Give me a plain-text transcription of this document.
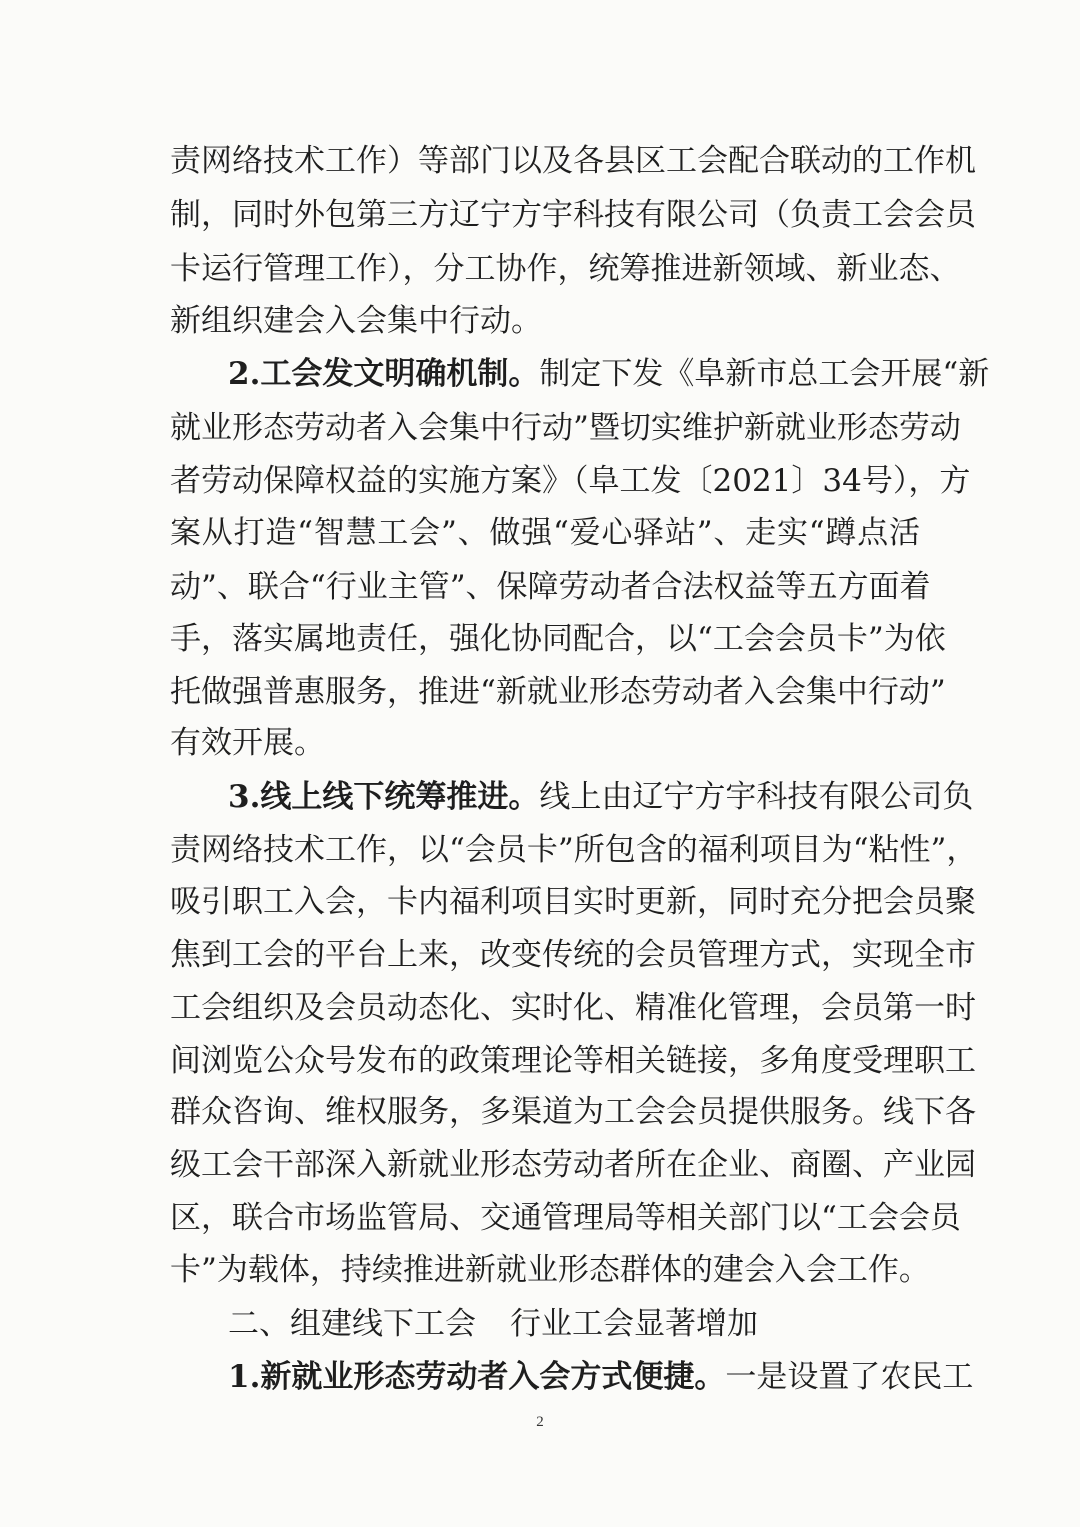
责网络技术工作）等部门以及各县区工会配合联动的工作机
制，同时外包第三方辽宁方宇科技有限公司（负责工会会员
卡运行管理工作），分工协作，统筹推进新领域、新业态、
新组织建会入会集中行动。
2.工会发文明确机制。制定下发《阜新市总工会开展“新
就业形态劳动者入会集中行动”暨切实维护新就业形态劳动
者劳动保障权益的实施方案》（阜工发〔2021〕34号），方
案从打造“智慧工会”、做强“爱心驿站”、走实“蹲点活
动”、联合“行业主管”、保障劳动者合法权益等五方面着
手，落实属地责任，强化协同配合，以“工会会员卡”为依
托做强普惠服务，推进“新就业形态劳动者入会集中行动”
有效开展。
3.线上线下统筹推进。线上由辽宁方宇科技有限公司负
责网络技术工作，以“会员卡”所包含的福利项目为“粘性”，
吸引职工入会，卡内福利项目实时更新，同时充分把会员聚
焦到工会的平台上来，改变传统的会员管理方式，实现全市
工会组织及会员动态化、实时化、精准化管理，会员第一时
间浏览公众号发布的政策理论等相关链接，多角度受理职工
群众咨询、维权服务，多渠道为工会会员提供服务。线下各
级工会干部深入新就业形态劳动者所在企业、商圈、产业园
区，联合市场监管局、交通管理局等相关部门以“工会会员
卡”为载体，持续推进新就业形态群体的建会入会工作。
二、组建线下工会 行业工会显著增加
1.新就业形态劳动者入会方式便捷。一是设置了农民工
2
